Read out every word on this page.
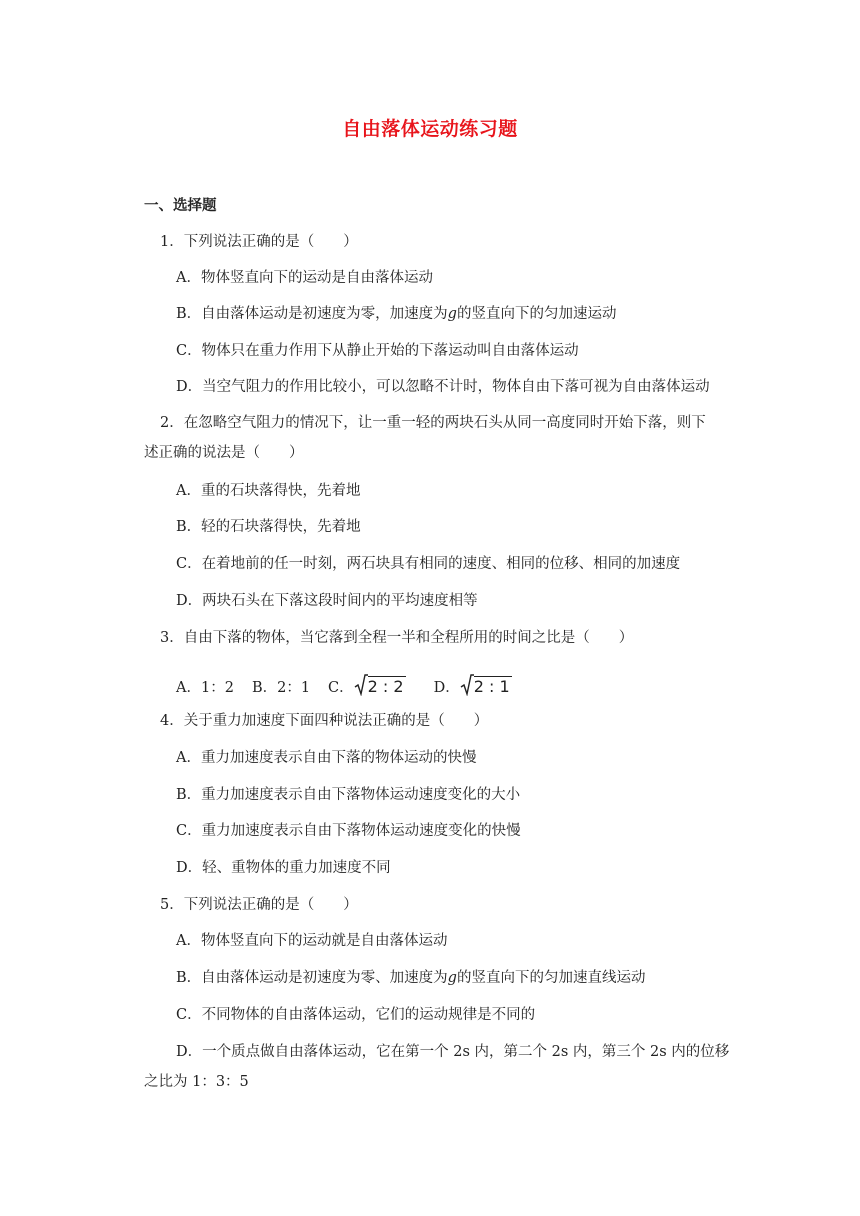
自由落体运动练习题
一、选择题
1．下列说法正确的是（　　）
A．物体竖直向下的运动是自由落体运动
B．自由落体运动是初速度为零，加速度为g的竖直向下的匀加速运动
C．物体只在重力作用下从静止开始的下落运动叫自由落体运动
D．当空气阻力的作用比较小，可以忽略不计时，物体自由下落可视为自由落体运动
2．在忽略空气阻力的情况下，让一重一轻的两块石头从同一高度同时开始下落，则下
述正确的说法是（　　）
A．重的石块落得快，先着地
B．轻的石块落得快，先着地
C．在着地前的任一时刻，两石块具有相同的速度、相同的位移、相同的加速度
D．两块石头在下落这段时间内的平均速度相等
3．自由下落的物体，当它落到全程一半和全程所用的时间之比是（　　）
A．1：2 B．2：1 C． 2 : 2 D． 2 : 1
4．关于重力加速度下面四种说法正确的是（　　）
A．重力加速度表示自由下落的物体运动的快慢
B．重力加速度表示自由下落物体运动速度变化的大小
C．重力加速度表示自由下落物体运动速度变化的快慢
D．轻、重物体的重力加速度不同
5．下列说法正确的是（　　）
A．物体竖直向下的运动就是自由落体运动
B．自由落体运动是初速度为零、加速度为g的竖直向下的匀加速直线运动
C．不同物体的自由落体运动，它们的运动规律是不同的
D．一个质点做自由落体运动，它在第一个 2s 内，第二个 2s 内，第三个 2s 内的位移
之比为 1：3：5
